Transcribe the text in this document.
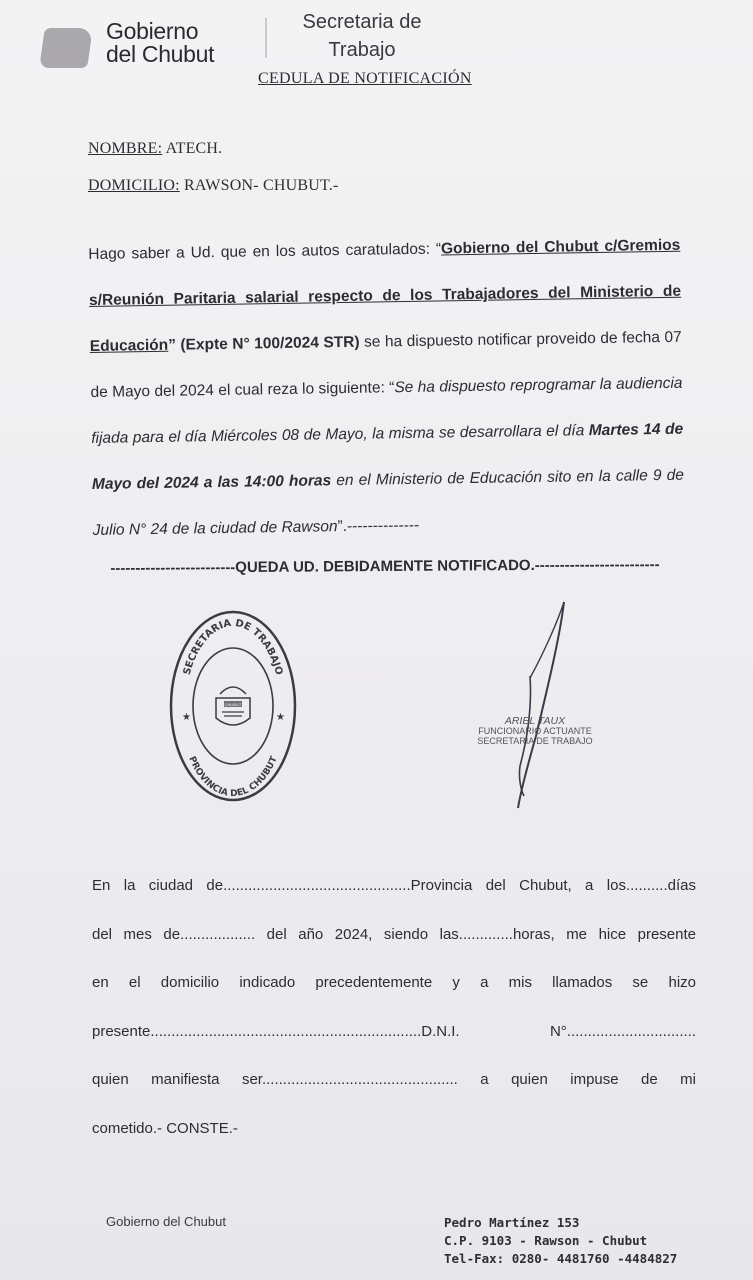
Gobierno
del Chubut
Secretaria de
Trabajo
CEDULA DE NOTIFICACIÓN
NOMBRE: ATECH.
DOMICILIO: RAWSON- CHUBUT.-
Hago saber a Ud. que en los autos caratulados: “Gobierno del Chubut c/Gremios s/Reunión Paritaria salarial respecto de los Trabajadores del Ministerio de Educación” (Expte N° 100/2024 STR) se ha dispuesto notificar proveido de fecha 07 de Mayo del 2024 el cual reza lo siguiente: “Se ha dispuesto reprogramar la audiencia fijada para el día Miércoles 08 de Mayo, la misma se desarrollara el día Martes 14 de Mayo del 2024 a las 14:00 horas en el Ministerio de Educación sito en la calle 9 de Julio N° 24 de la ciudad de Rawson”.--------------
-------------------------QUEDA UD. DEBIDAMENTE NOTIFICADO.-------------------------
SECRETARIA DE TRABAJO
PROVINCIA DEL CHUBUT
★	★
CHUBUT
ARIEL TAUX
FUNCIONARIO ACTUANTE
SECRETARIA DE TRABAJO
En la ciudad de.............................................Provincia del Chubut, a los..........días
del mes de.................. del año 2024, siendo las.............horas, me hice presente
en el domicilio indicado precedentemente y a mis llamados se hizo
presente.................................................................D.N.I. N°...............................
quien manifiesta ser............................................... a quien impuse de mi
cometido.- CONSTE.-
Gobierno del Chubut	Pedro Martínez 153
C.P. 9103 - Rawson - Chubut
Tel-Fax: 0280- 4481760 -4484827
